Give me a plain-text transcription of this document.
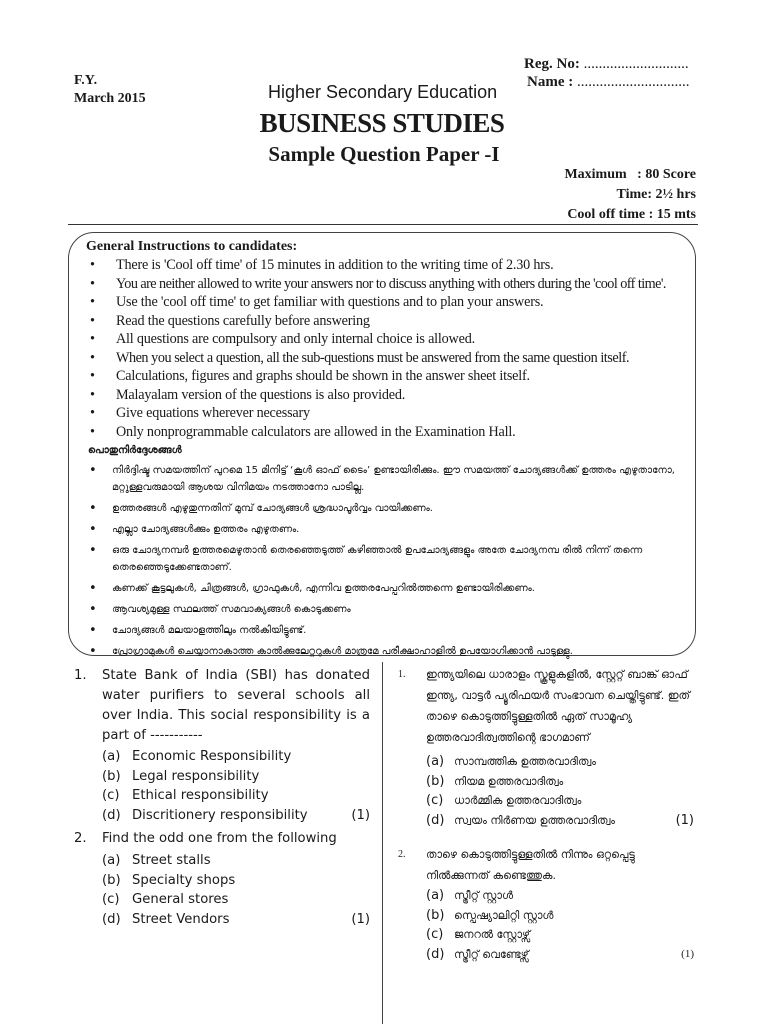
F.Y.
March 2015
Reg. No: ............................
Name : ..............................
Higher Secondary Education
BUSINESS STUDIES
Sample Question Paper -I
Maximum   : 80 Score
Time: 2½ hrs
Cool off time : 15 mts
General Instructions to candidates:
• There is 'Cool off time' of 15 minutes in addition to the writing time of 2.30 hrs.
• You are neither allowed to write your answers nor to discuss anything with others during the 'cool off time'.
• Use the 'cool off time' to get familiar with questions and to plan your answers.
• Read the questions carefully before answering
• All questions are compulsory and only internal choice is allowed.
• When you select a question, all the sub-questions must be answered from the same question itself.
• Calculations, figures and graphs should be shown in the answer sheet itself.
• Malayalam version of the questions is also provided.
• Give equations wherever necessary
• Only nonprogrammable calculators are allowed in the Examination Hall.
പൊതുനിർദ്ദേശങ്ങൾ
• നിർദ്ദിഷ്ട സമയത്തിന് പുറമെ 15 മിനിട്ട് ‘കൂൾ ഓഫ് ടൈം’ ഉണ്ടായിരിക്കും. ഈ സമയത്ത് ചോദ്യങ്ങൾക്ക് ഉത്തരം എഴുതാനോ, മറ്റുള്ളവരുമായി ആശയ വിനിമയം നടത്താനോ പാടില്ല.
• ഉത്തരങ്ങൾ എഴുതുന്നതിന് മുമ്പ് ചോദ്യങ്ങൾ ശ്രദ്ധാപൂർവ്വം വായിക്കണം.
• എല്ലാ ചോദ്യങ്ങൾക്കും ഉത്തരം എഴുതണം.
• ഒരു ചോദ്യനമ്പർ ഉത്തരമെഴുതാൻ തെരഞ്ഞെടുത്ത് കഴിഞ്ഞാൽ ഉപചോദ്യങ്ങളും അതേ ചോദ്യനമ്പ രിൽ നിന്ന് തന്നെ തെരഞ്ഞെടുക്കേണ്ടതാണ്.
• കണക്ക് കൂട്ടലുകൾ, ചിത്രങ്ങൾ, ഗ്രാഫുകൾ, എന്നിവ ഉത്തരപേപ്പറിൽത്തന്നെ ഉണ്ടായിരിക്കണം.
• ആവശ്യമുള്ള സ്ഥലത്ത് സമവാക്യങ്ങൾ കൊടുക്കണം
• ചോദ്യങ്ങൾ മലയാളത്തിലും നൽകിയിട്ടുണ്ട്.
• പ്രോഗ്രാമുകൾ ചെയ്യാനാകാത്ത കാൽക്കുലേറ്ററുകൾ മാത്രമേ പരീക്ഷാഹാളിൽ ഉപയോഗിക്കാൻ പാടുള്ളു.
1. State Bank of India (SBI) has donated water purifiers to several schools all over India. This social responsibility is a part of -----------
(a) Economic Responsibility
(b) Legal responsibility
(c) Ethical responsibility
(d) Discritionery responsibility	(1)
2. Find the odd one from the following
(a) Street stalls
(b) Specialty shops
(c) General stores
(d) Street Vendors	(1)
1. ഇന്ത്യയിലെ ധാരാളം സ്കൂളുകളിൽ, സ്റ്റേറ്റ് ബാങ്ക് ഓഫ് ഇന്ത്യ, വാട്ടർ പ്യൂരിഫയർ സംഭാവന ചെയ്തിട്ടുണ്ട്. ഇത് താഴെ കൊടുത്തിട്ടുള്ളതിൽ ഏത് സാമൂഹ്യ ഉത്തരവാദിത്വത്തിന്റെ ഭാഗമാണ്
(a) സാമ്പത്തിക ഉത്തരവാദിത്വം
(b) നിയമ ഉത്തരവാദിത്വം
(c) ധാർമ്മിക ഉത്തരവാദിത്വം
(d) സ്വയം നിർണയ ഉത്തരവാദിത്വം	(1)
2. താഴെ കൊടുത്തിട്ടുള്ളതിൽ നിന്നും ഒറ്റപ്പെട്ടു നിൽക്കുന്നത് കണ്ടെത്തുക.
(a) സ്ട്രീറ്റ് സ്റ്റാൾ
(b) സ്പെഷ്യാലിറ്റി സ്റ്റാൾ
(c) ജനറൽ സ്റ്റോഴ്സ്
(d) സ്ട്രീറ്റ് വെണ്ടേഴ്സ്	(1)
